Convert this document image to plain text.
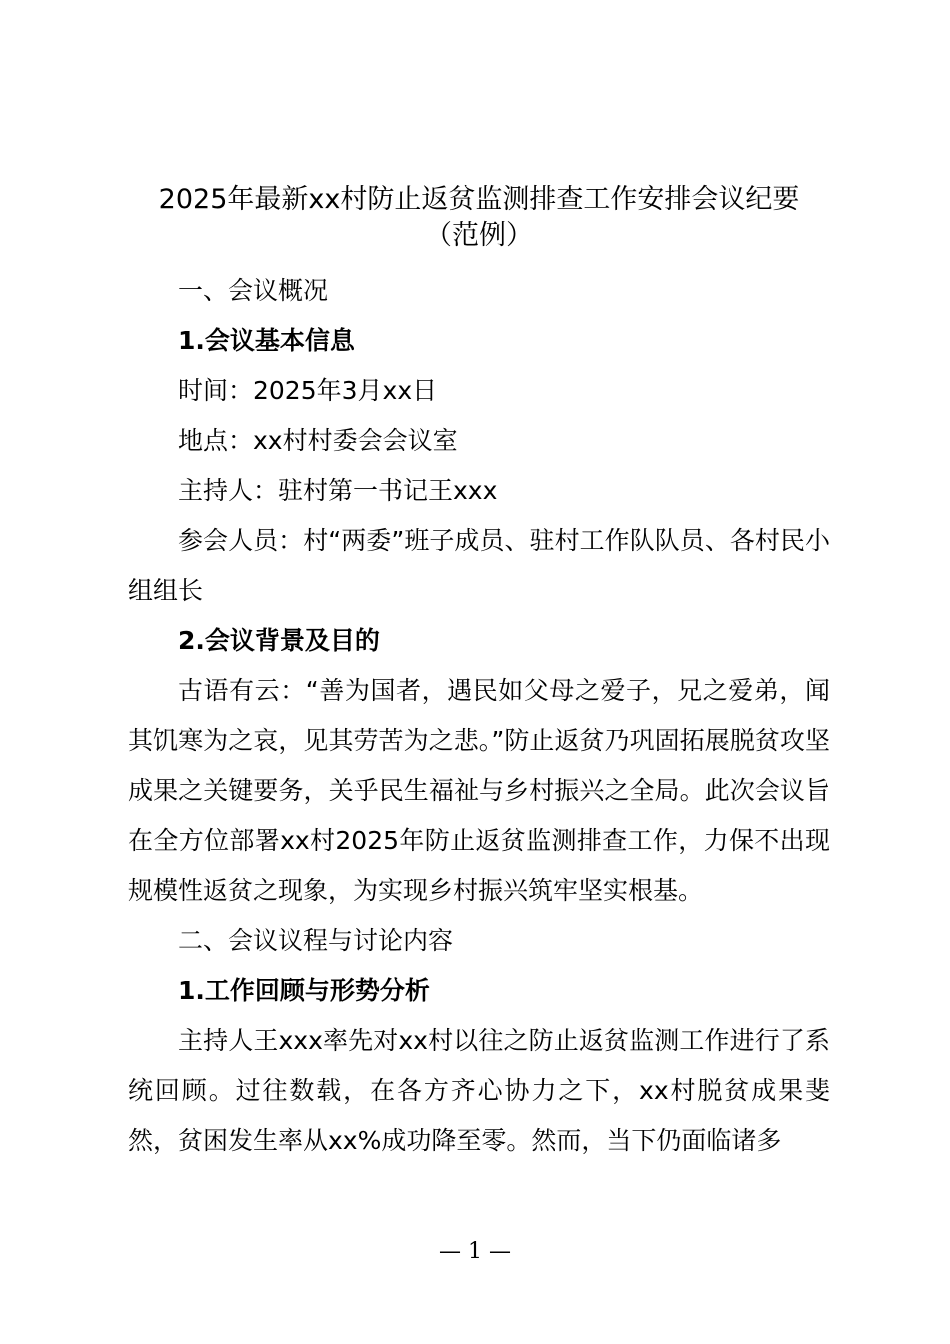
2025年最新xx村防止返贫监测排查工作安排会议纪要
（范例）

一、会议概况

1.会议基本信息

时间：2025年3月xx日

地点：xx村村委会会议室

主持人：驻村第一书记王xxx

参会人员：村“两委”班子成员、驻村工作队队员、各村民小组组长

2.会议背景及目的

古语有云：“善为国者，遇民如父母之爱子，兄之爱弟，闻其饥寒为之哀，见其劳苦为之悲。”防止返贫乃巩固拓展脱贫攻坚成果之关键要务，关乎民生福祉与乡村振兴之全局。此次会议旨在全方位部署xx村2025年防止返贫监测排查工作，力保不出现规模性返贫之现象，为实现乡村振兴筑牢坚实根基。

二、会议议程与讨论内容

1.工作回顾与形势分析

主持人王xxx率先对xx村以往之防止返贫监测工作进行了系统回顾。过往数载，在各方齐心协力之下，xx村脱贫成果斐然，贫困发生率从xx%成功降至零。然而，当下仍面临诸多

— 1 —
